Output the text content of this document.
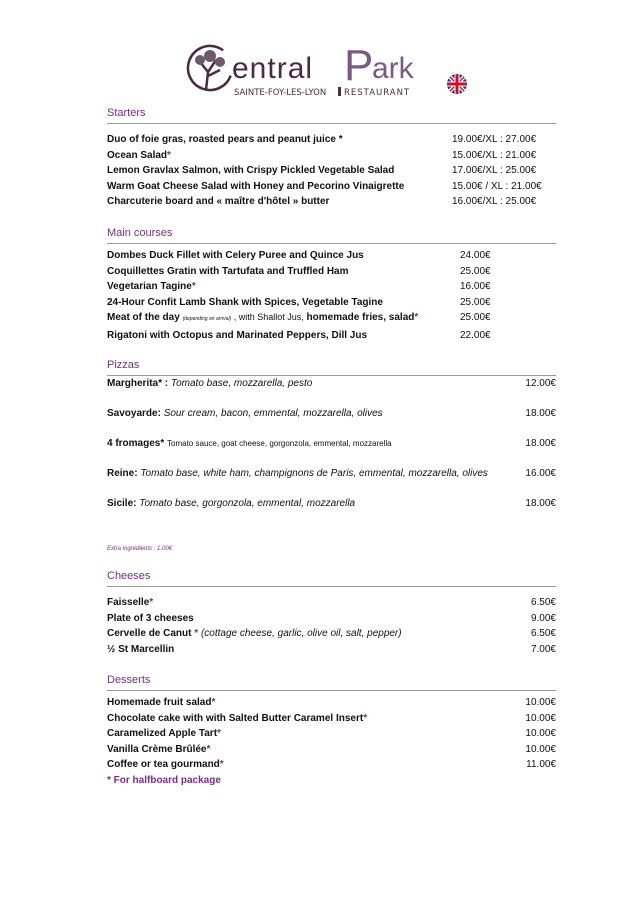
entral P
ark
SAINTE-FOY-LES-LYON RESTAURANT
Starters
Duo of foie gras, roasted pears and peanut juice *	19.00€/XL : 27.00€
Ocean Salad*	15.00€/XL : 21.00€
Lemon Gravlax Salmon, with Crispy Pickled Vegetable Salad	17.00€/XL : 25.00€
Warm Goat Cheese Salad with Honey and Pecorino Vinaigrette	15.00€ / XL : 21.00€
Charcuterie board and « maître d'hôtel » butter	16.00€/XL : 25.00€
Main courses
Dombes Duck Fillet with Celery Puree and Quince Jus	24.00€
Coquillettes Gratin with Tartufata and Truffled Ham	25.00€
Vegetarian Tagine*	16.00€
24-Hour Confit Lamb Shank with Spices, Vegetable Tagine	25.00€
Meat of the day (depending on arrival) , with Shallot Jus, homemade fries, salad*	25.00€
Rigatoni with Octopus and Marinated Peppers, Dill Jus	22.00€
Pizzas
Margherita* : Tomato base, mozzarella, pesto	12.00€
Savoyarde: Sour cream, bacon, emmental, mozzarella, olives	18.00€
4 fromages* Tomato sauce, goat cheese, gorgonzola, emmental, mozzarella	18.00€
Reine: Tomato base, white ham, champignons de Paris, emmental, mozzarella, olives	16.00€
Sicile: Tomato base, gorgonzola, emmental, mozzarella	18.00€
Extra ingrédients : 1.00€
Cheeses
Faisselle*	6.50€
Plate of 3 cheeses	9.00€
Cervelle de Canut * (cottage cheese, garlic, olive oil, salt, pepper)	6.50€
½ St Marcellin	7.00€
Desserts
Homemade fruit salad*	10.00€
Chocolate cake with with Salted Butter Caramel Insert*	10.00€
Caramelized Apple Tart*	10.00€
Vanilla Crème Brûlée*	10.00€
Coffee or tea gourmand*	11.00€
* For halfboard package
